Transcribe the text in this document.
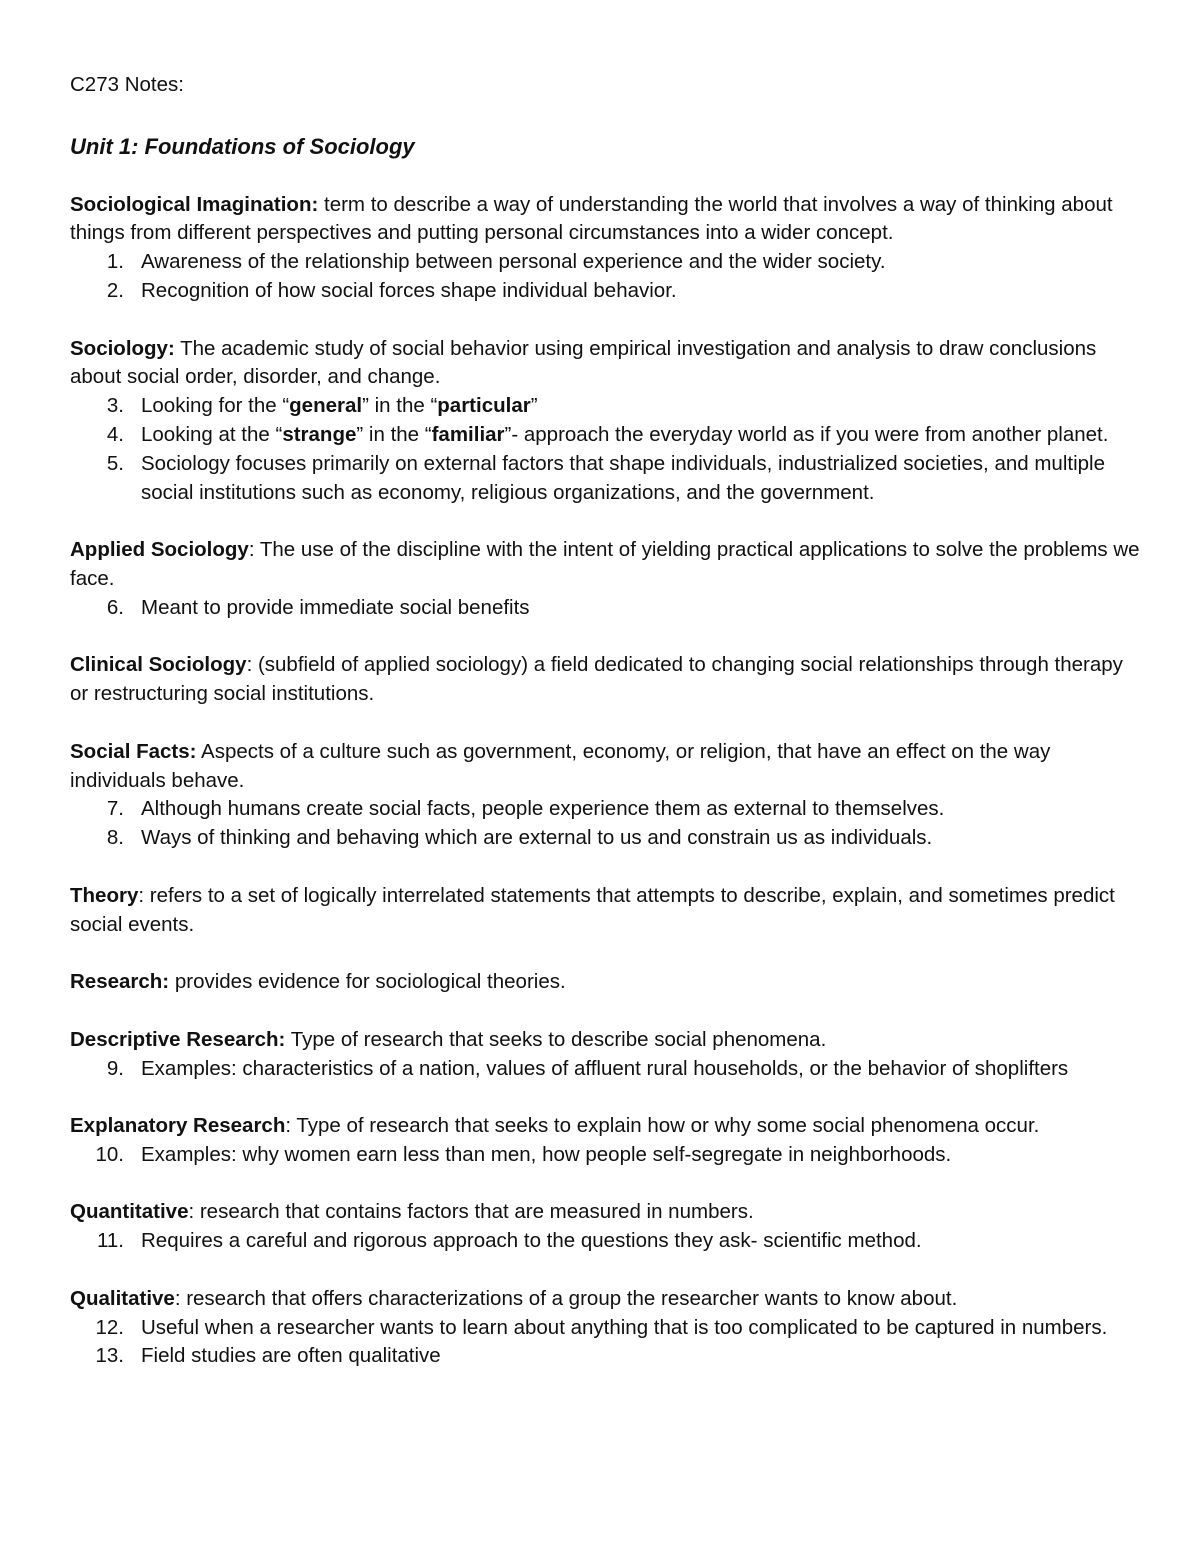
C273 Notes:

Unit 1: Foundations of Sociology

Sociological Imagination: term to describe a way of understanding the world that involves a way of thinking about things from different perspectives and putting personal circumstances into a wider concept.

1. Awareness of the relationship between personal experience and the wider society.
2. Recognition of how social forces shape individual behavior.

Sociology: The academic study of social behavior using empirical investigation and analysis to draw conclusions about social order, disorder, and change.

3. Looking for the “general” in the “particular”
4. Looking at the “strange” in the “familiar”- approach the everyday world as if you were from another planet.
5. Sociology focuses primarily on external factors that shape individuals, industrialized societies, and multiple social institutions such as economy, religious organizations, and the government.

Applied Sociology: The use of the discipline with the intent of yielding practical applications to solve the problems we face.

6. Meant to provide immediate social benefits

Clinical Sociology: (subfield of applied sociology) a field dedicated to changing social relationships through therapy or restructuring social institutions.

Social Facts: Aspects of a culture such as government, economy, or religion, that have an effect on the way individuals behave.

7. Although humans create social facts, people experience them as external to themselves.
8. Ways of thinking and behaving which are external to us and constrain us as individuals.

Theory: refers to a set of logically interrelated statements that attempts to describe, explain, and sometimes predict social events.

Research: provides evidence for sociological theories.

Descriptive Research: Type of research that seeks to describe social phenomena.

9. Examples: characteristics of a nation, values of affluent rural households, or the behavior of shoplifters

Explanatory Research: Type of research that seeks to explain how or why some social phenomena occur.

10. Examples: why women earn less than men, how people self-segregate in neighborhoods.

Quantitative: research that contains factors that are measured in numbers.

11. Requires a careful and rigorous approach to the questions they ask- scientific method.

Qualitative: research that offers characterizations of a group the researcher wants to know about.

12. Useful when a researcher wants to learn about anything that is too complicated to be captured in numbers.
13. Field studies are often qualitative
